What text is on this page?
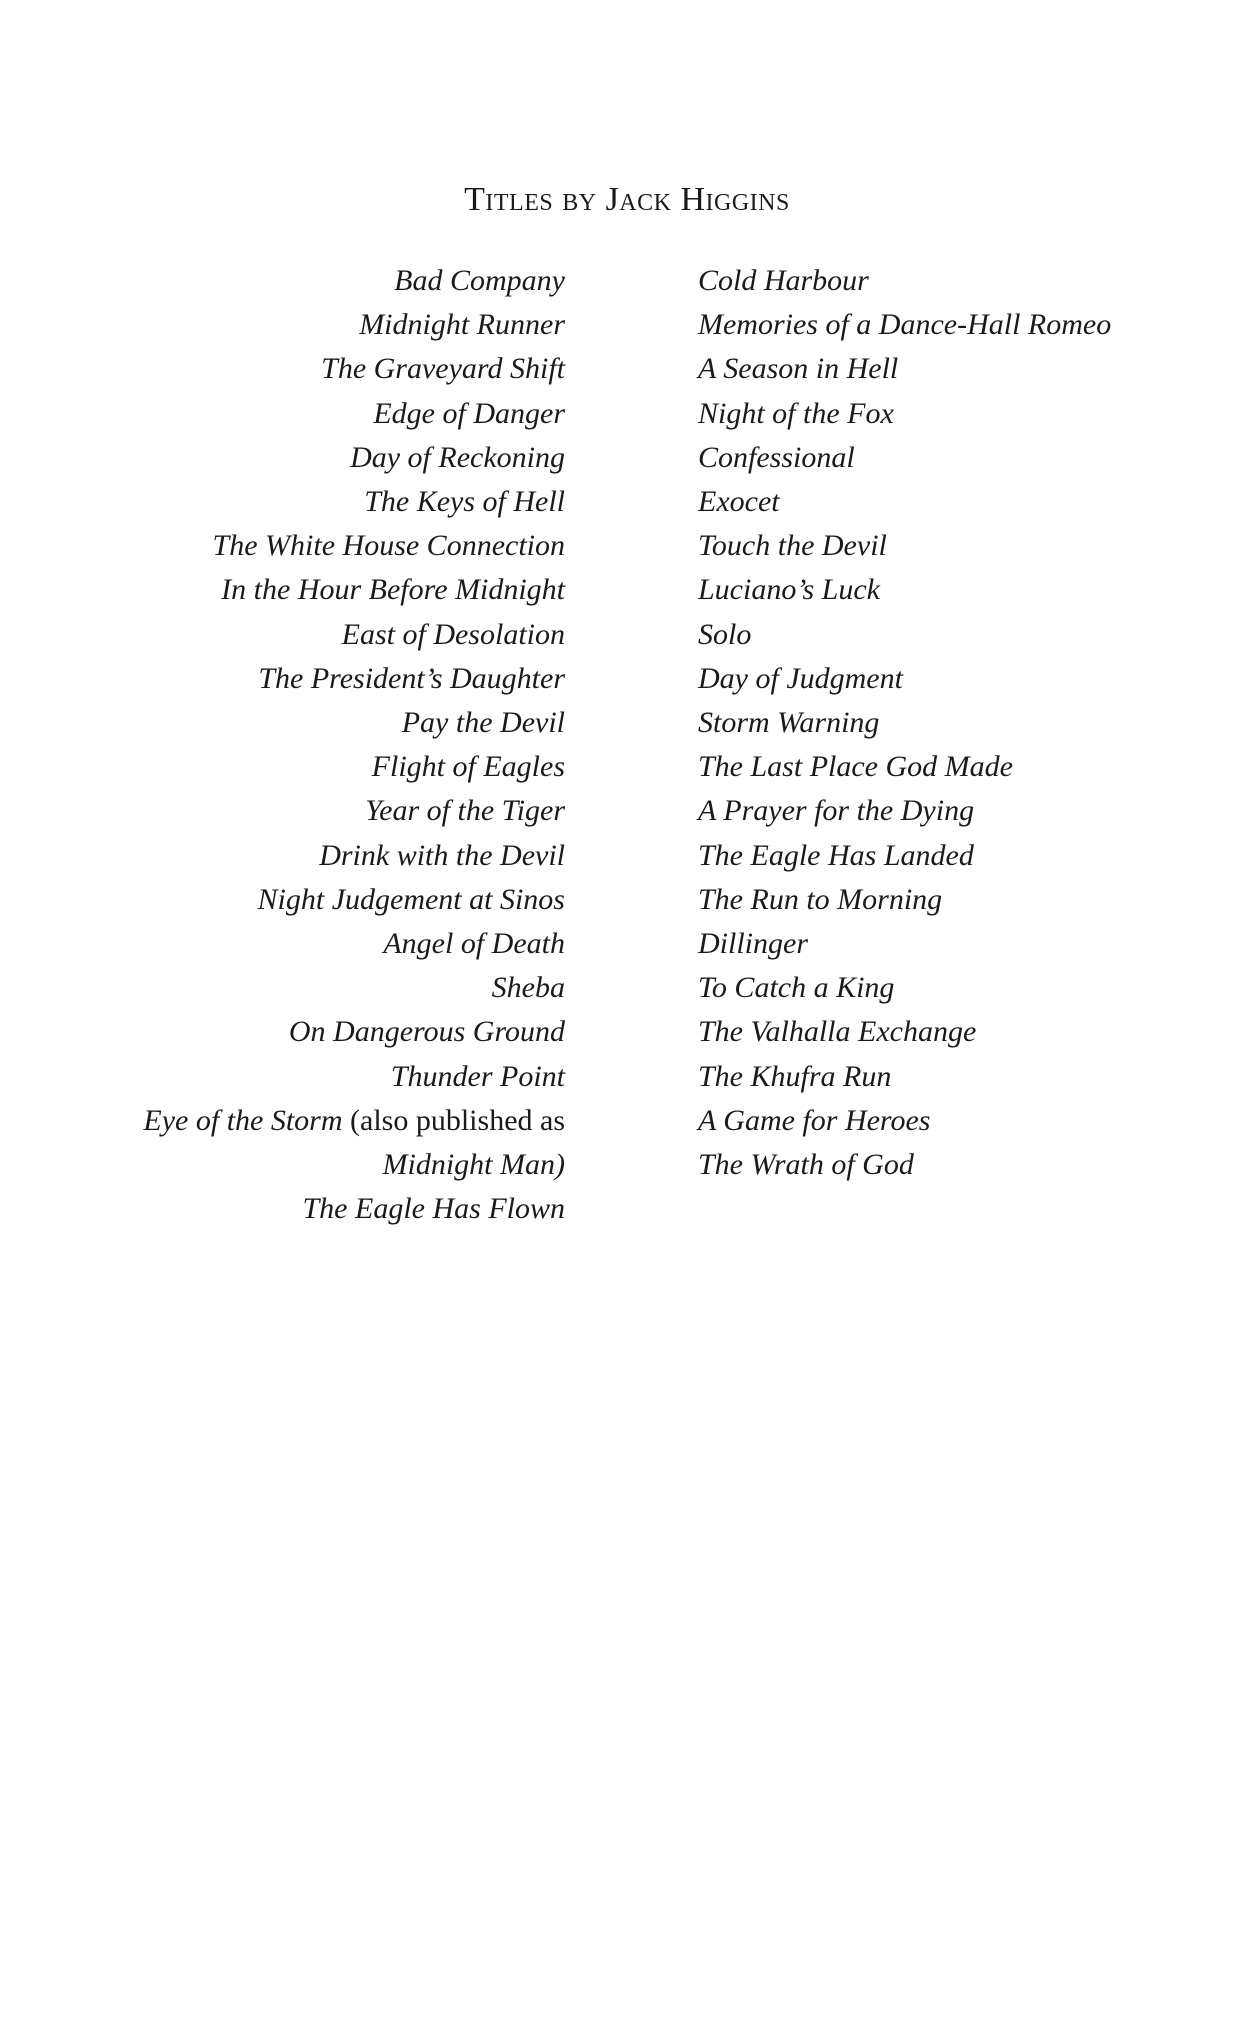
Titles by Jack Higgins
Bad Company
Midnight Runner
The Graveyard Shift
Edge of Danger
Day of Reckoning
The Keys of Hell
The White House Connection
In the Hour Before Midnight
East of Desolation
The President’s Daughter
Pay the Devil
Flight of Eagles
Year of the Tiger
Drink with the Devil
Night Judgement at Sinos
Angel of Death
Sheba
On Dangerous Ground
Thunder Point
Eye of the Storm (also published as
Midnight Man)
The Eagle Has Flown
Cold Harbour
Memories of a Dance-Hall Romeo
A Season in Hell
Night of the Fox
Confessional
Exocet
Touch the Devil
Luciano’s Luck
Solo
Day of Judgment
Storm Warning
The Last Place God Made
A Prayer for the Dying
The Eagle Has Landed
The Run to Morning
Dillinger
To Catch a King
The Valhalla Exchange
The Khufra Run
A Game for Heroes
The Wrath of God
